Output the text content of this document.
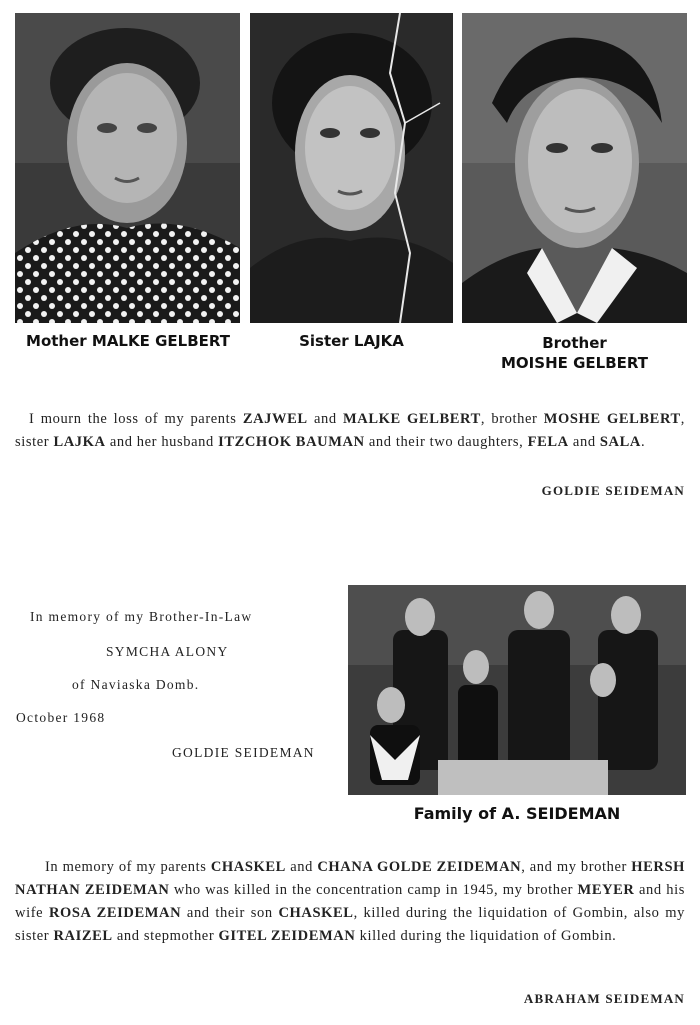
Mother MALKE GELBERT	Sister LAJKA	Brother
MOISHE GELBERT
I mourn the loss of my parents ZAJWEL and MALKE GELBERT, brother MOSHE GELBERT, sister LAJKA and her husband ITZCHOK BAUMAN and their two daughters, FELA and SALA.
GOLDIE SEIDEMAN
In memory of my Brother-In-Law
SYMCHA ALONY
of Naviaska Domb.
October 1968
GOLDIE SEIDEMAN
Family of A. SEIDEMAN
In memory of my parents CHASKEL and CHANA GOLDE ZEIDEMAN, and my brother HERSH NATHAN ZEIDEMAN who was killed in the concentration camp in 1945, my brother MEYER and his wife ROSA ZEIDEMAN and their son CHASKEL, killed during the liquidation of Gombin, also my sister RAIZEL and stepmother GITEL ZEIDEMAN killed during the liquidation of Gombin.
ABRAHAM SEIDEMAN
